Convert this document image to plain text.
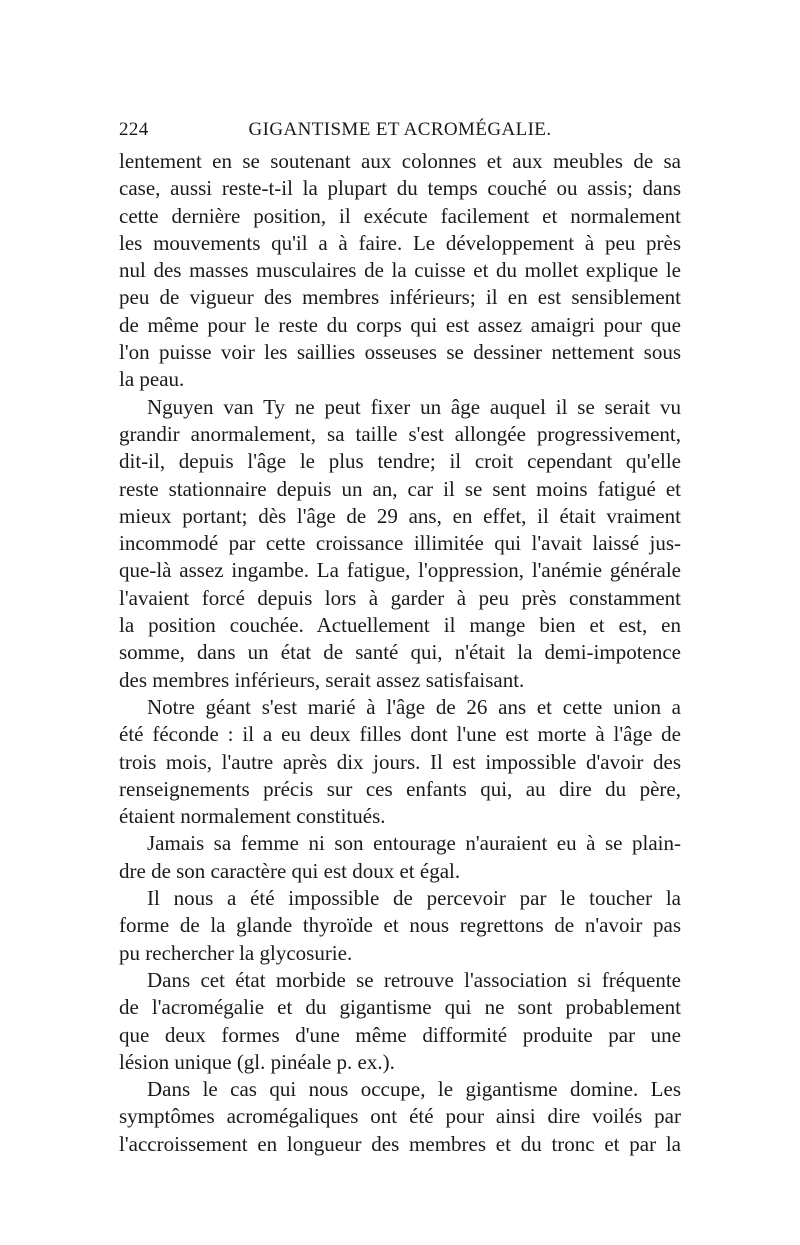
224	GIGANTISME ET ACROMÉGALIE.

lentement en se soutenant aux colonnes et aux meubles de sa
case, aussi reste-t-il la plupart du temps couché ou assis; dans
cette dernière position, il exécute facilement et normalement
les mouvements qu'il a à faire. Le développement à peu près
nul des masses musculaires de la cuisse et du mollet explique le
peu de vigueur des membres inférieurs; il en est sensiblement
de même pour le reste du corps qui est assez amaigri pour que
l'on puisse voir les saillies osseuses se dessiner nettement sous
la peau.

Nguyen van Ty ne peut fixer un âge auquel il se serait vu
grandir anormalement, sa taille s'est allongée progressivement,
dit-il, depuis l'âge le plus tendre; il croit cependant qu'elle
reste stationnaire depuis un an, car il se sent moins fatigué et
mieux portant; dès l'âge de 29 ans, en effet, il était vraiment
incommodé par cette croissance illimitée qui l'avait laissé jus-
que-là assez ingambe. La fatigue, l'oppression, l'anémie générale
l'avaient forcé depuis lors à garder à peu près constamment
la position couchée. Actuellement il mange bien et est, en
somme, dans un état de santé qui, n'était la demi-impotence
des membres inférieurs, serait assez satisfaisant.

Notre géant s'est marié à l'âge de 26 ans et cette union a
été féconde : il a eu deux filles dont l'une est morte à l'âge de
trois mois, l'autre après dix jours. Il est impossible d'avoir des
renseignements précis sur ces enfants qui, au dire du père,
étaient normalement constitués.

Jamais sa femme ni son entourage n'auraient eu à se plain-
dre de son caractère qui est doux et égal.

Il nous a été impossible de percevoir par le toucher la
forme de la glande thyroïde et nous regrettons de n'avoir pas
pu rechercher la glycosurie.

Dans cet état morbide se retrouve l'association si fréquente
de l'acromégalie et du gigantisme qui ne sont probablement
que deux formes d'une même difformité produite par une
lésion unique (gl. pinéale p. ex.).

Dans le cas qui nous occupe, le gigantisme domine. Les
symptômes acromégaliques ont été pour ainsi dire voilés par
l'accroissement en longueur des membres et du tronc et par la
